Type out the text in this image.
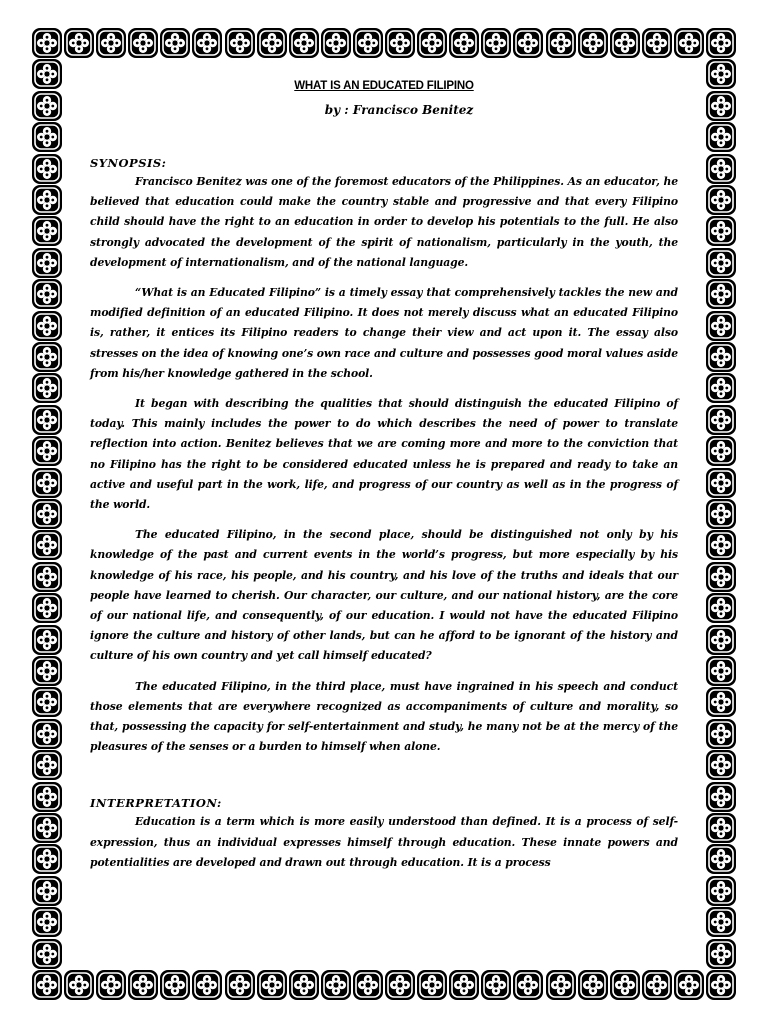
WHAT IS AN EDUCATED FILIPINO

by : Francisco Benitez

SYNOPSIS:

Francisco Benitez was one of the foremost educators of the Philippines. As an educator, he believed that education could make the country stable and progressive and that every Filipino child should have the right to an education in order to develop his potentials to the full. He also strongly advocated the development of the spirit of nationalism, particularly in the youth, the development of internationalism, and of the national language.

“What is an Educated Filipino” is a timely essay that comprehensively tackles the new and modified definition of an educated Filipino. It does not merely discuss what an educated Filipino is, rather, it entices its Filipino readers to change their view and act upon it. The essay also stresses on the idea of knowing one’s own race and culture and possesses good moral values aside from his/her knowledge gathered in the school.

It began with describing the qualities that should distinguish the educated Filipino of today. This mainly includes the power to do which describes the need of power to translate reflection into action. Benitez believes that we are coming more and more to the conviction that no Filipino has the right to be considered educated unless he is prepared and ready to take an active and useful part in the work, life, and progress of our country as well as in the progress of the world.

The educated Filipino, in the second place, should be distinguished not only by his knowledge of the past and current events in the world’s progress, but more especially by his knowledge of his race, his people, and his country, and his love of the truths and ideals that our people have learned to cherish. Our character, our culture, and our national history, are the core of our national life, and consequently, of our education. I would not have the educated Filipino ignore the culture and history of other lands, but can he afford to be ignorant of the history and culture of his own country and yet call himself educated?

The educated Filipino, in the third place, must have ingrained in his speech and conduct those elements that are everywhere recognized as accompaniments of culture and morality, so that, possessing the capacity for self-entertainment and study, he many not be at the mercy of the pleasures of the senses or a burden to himself when alone.

INTERPRETATION:

Education is a term which is more easily understood than defined. It is a process of self-expression, thus an individual expresses himself through education. These innate powers and potentialities are developed and drawn out through education. It is a process
